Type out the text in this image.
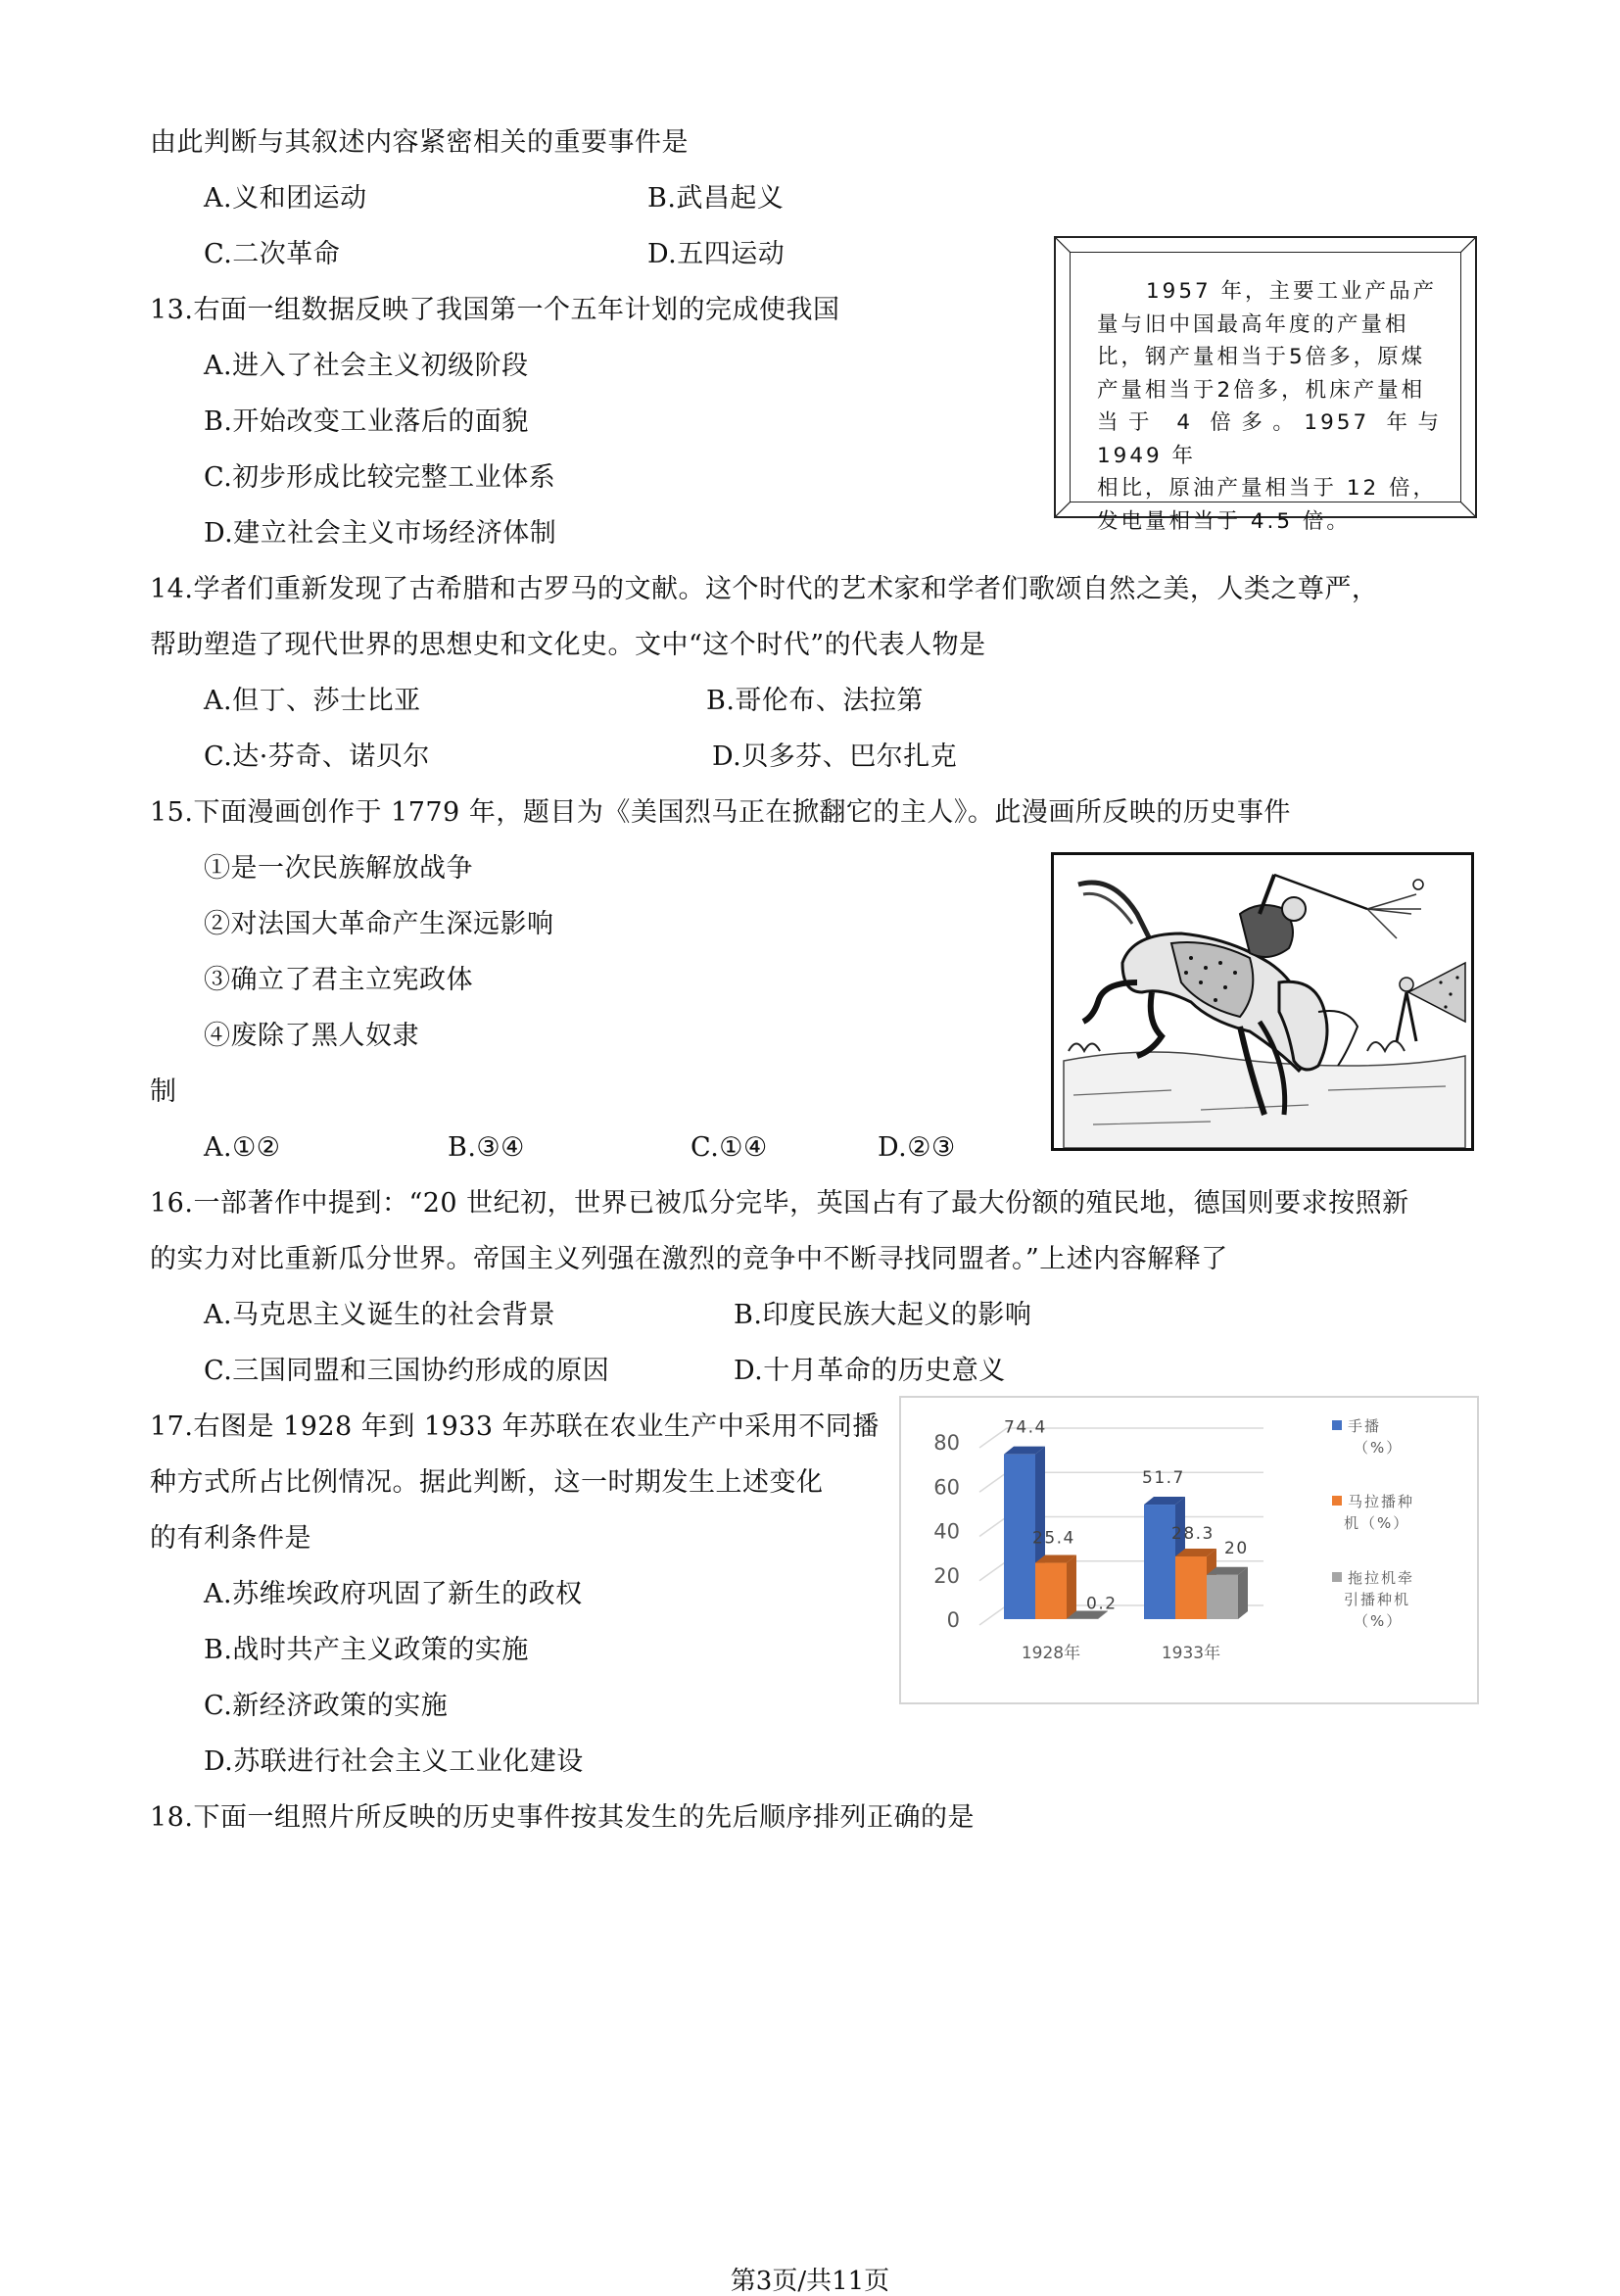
由此判断与其叙述内容紧密相关的重要事件是
A.义和团运动	B.武昌起义
C.二次革命	D.五四运动
13.右面一组数据反映了我国第一个五年计划的完成使我国
A.进入了社会主义初级阶段
B.开始改变工业落后的面貌
C.初步形成比较完整工业体系
D.建立社会主义市场经济体制
1957 年，主要工业产品产
量与旧中国最高年度的产量相
比，钢产量相当于5倍多，原煤
产量相当于2倍多，机床产量相
当于 4 倍多。1957 年与 1949 年
相比，原油产量相当于 12 倍，
发电量相当于 4.5 倍。
14.学者们重新发现了古希腊和古罗马的文献。这个时代的艺术家和学者们歌颂自然之美，人类之尊严，
帮助塑造了现代世界的思想史和文化史。文中“这个时代”的代表人物是
A.但丁、莎士比亚	B.哥伦布、法拉第
C.达·芬奇、诺贝尔	D.贝多芬、巴尔扎克
15.下面漫画创作于 1779 年，题目为《美国烈马正在掀翻它的主人》。此漫画所反映的历史事件
①是一次民族解放战争
②对法国大革命产生深远影响
③确立了君主立宪政体
④废除了黑人奴隶
制
A.①②	B.③④	C.①④	D.②③
16.一部著作中提到：“20 世纪初，世界已被瓜分完毕，英国占有了最大份额的殖民地，德国则要求按照新
的实力对比重新瓜分世界。帝国主义列强在激烈的竞争中不断寻找同盟者。”上述内容解释了
A.马克思主义诞生的社会背景	B.印度民族大起义的影响
C.三国同盟和三国协约形成的原因	D.十月革命的历史意义
17.右图是 1928 年到 1933 年苏联在农业生产中采用不同播
种方式所占比例情况。据此判断，这一时期发生上述变化
的有利条件是
A.苏维埃政府巩固了新生的政权
B.战时共产主义政策的实施
C.新经济政策的实施
D.苏联进行社会主义工业化建设
0
20
40
60
80
1928年	1933年
74.4
51.7
25.4	28.3
0.2
20
手播
（%）
马拉播种
机（%）
拖拉机牵
引播种机
（%）
18.下面一组照片所反映的历史事件按其发生的先后顺序排列正确的是
第3页/共11页
